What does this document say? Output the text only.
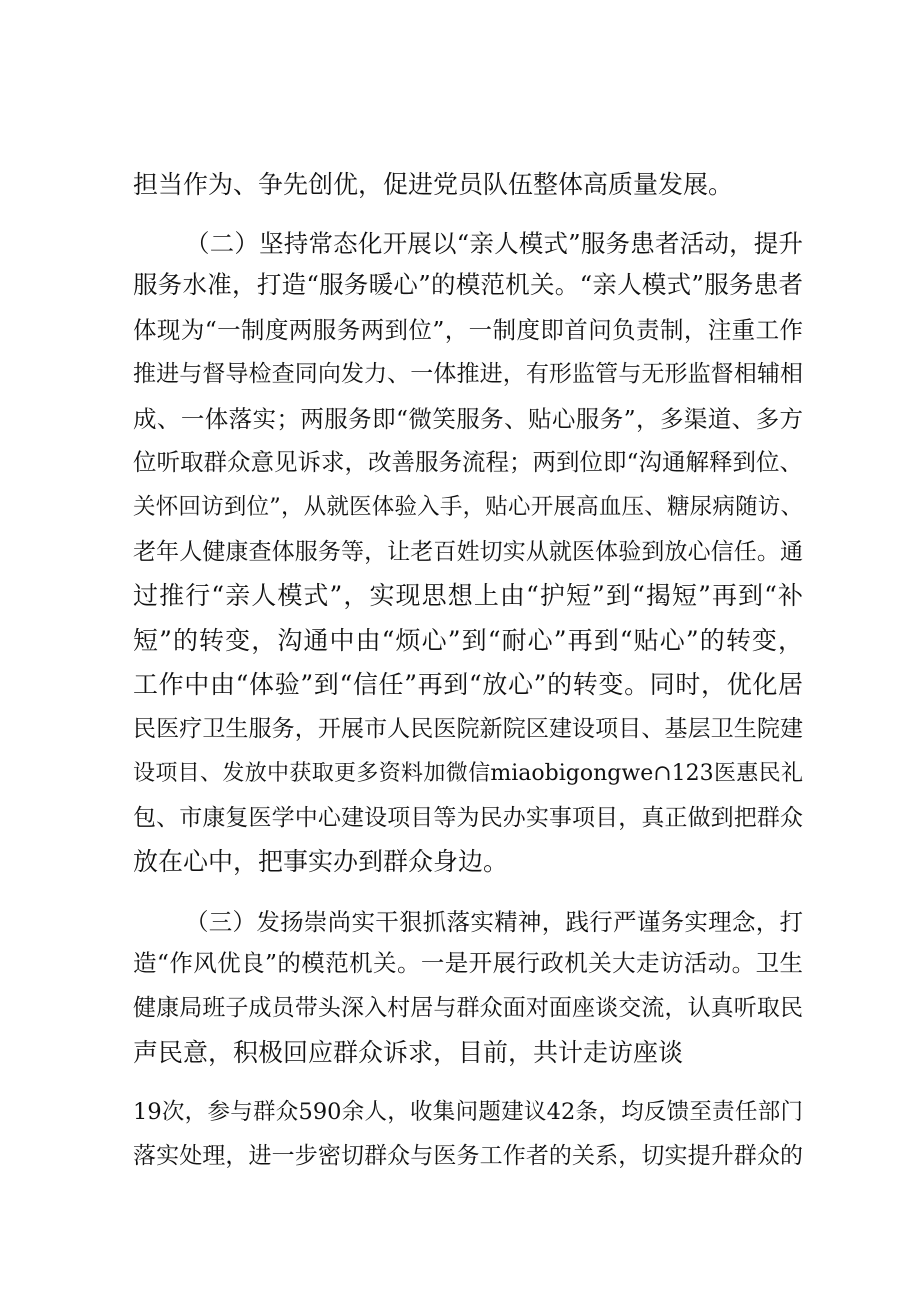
担当作为、争先创优，促进党员队伍整体高质量发展。
（二）坚持常态化开展以“亲人模式”服务患者活动，提升
服务水准，打造“服务暖心”的模范机关。“亲人模式”服务患者
体现为“一制度两服务两到位”，一制度即首问负责制，注重工作
推进与督导检查同向发力、一体推进，有形监管与无形监督相辅相
成、一体落实；两服务即“微笑服务、贴心服务”，多渠道、多方
位听取群众意见诉求，改善服务流程；两到位即“沟通解释到位、
关怀回访到位”，从就医体验入手，贴心开展高血压、糖尿病随访、
老年人健康查体服务等，让老百姓切实从就医体验到放心信任。通
过推行“亲人模式”，实现思想上由“护短”到“揭短”再到“补
短”的转变，沟通中由“烦心”到“耐心”再到“贴心”的转变，
工作中由“体验”到“信任”再到“放心”的转变。同时，优化居
民医疗卫生服务，开展市人民医院新院区建设项目、基层卫生院建
设项目、发放中获取更多资料加微信miaobigongwe∩123医惠民礼
包、市康复医学中心建设项目等为民办实事项目，真正做到把群众
放在心中，把事实办到群众身边。
（三）发扬崇尚实干狠抓落实精神，践行严谨务实理念，打
造“作风优良”的模范机关。一是开展行政机关大走访活动。卫生
健康局班子成员带头深入村居与群众面对面座谈交流，认真听取民
声民意，积极回应群众诉求，目前，共计走访座谈
19次，参与群众590余人，收集问题建议42条，均反馈至责任部门
落实处理，进一步密切群众与医务工作者的关系，切实提升群众的
